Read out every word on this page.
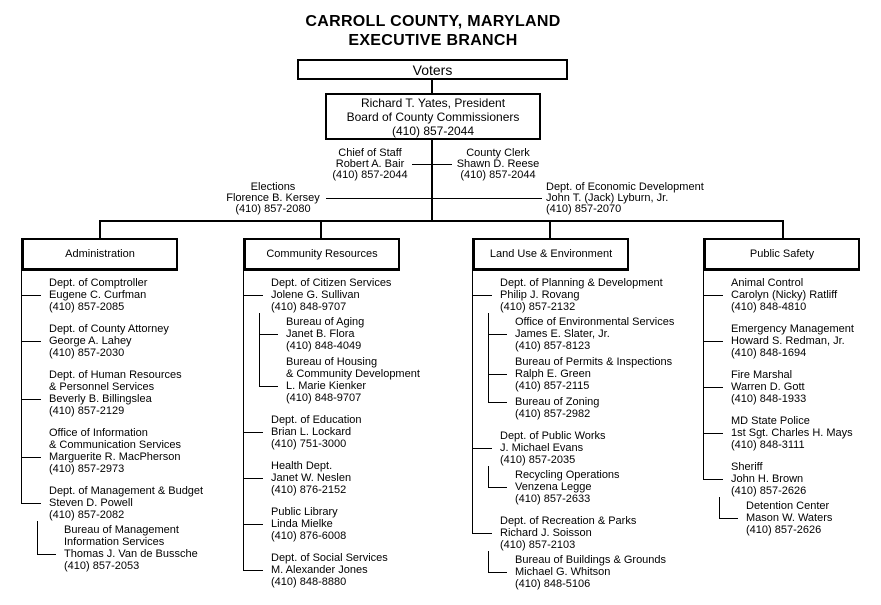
CARROLL COUNTY, MARYLAND
EXECUTIVE BRANCH
Voters
Richard T. Yates, President
Board of County Commissioners
(410) 857-2044
Chief of Staff
Robert A. Bair
(410) 857-2044
County Clerk
Shawn D. Reese
(410) 857-2044
Elections
Florence B. Kersey
(410) 857-2080
Dept. of Economic Development
John T. (Jack) Lyburn, Jr.
(410) 857-2070
Administration
Dept. of Comptroller
Eugene C. Curfman
(410) 857-2085
Dept. of County Attorney
George A. Lahey
(410) 857-2030
Dept. of Human Resources
& Personnel Services
Beverly B. Billingslea
(410) 857-2129
Office of Information
& Communication Services
Marguerite R. MacPherson
(410) 857-2973
Dept. of Management & Budget
Steven D. Powell
(410) 857-2082
Bureau of Management
Information Services
Thomas J. Van de Bussche
(410) 857-2053
Community Resources
Dept. of Citizen Services
Jolene G. Sullivan
(410) 848-9707
Bureau of Aging
Janet B. Flora
(410) 848-4049
Bureau of Housing
& Community Development
L. Marie Kienker
(410) 848-9707
Dept. of Education
Brian L. Lockard
(410) 751-3000
Health Dept.
Janet W. Neslen
(410) 876-2152
Public Library
Linda Mielke
(410) 876-6008
Dept. of Social Services
M. Alexander Jones
(410) 848-8880
Land Use & Environment
Dept. of Planning & Development
Philip J. Rovang
(410) 857-2132
Office of Environmental Services
James E. Slater, Jr.
(410) 857-8123
Bureau of Permits & Inspections
Ralph E. Green
(410) 857-2115
Bureau of Zoning
(410) 857-2982
Dept. of Public Works
J. Michael Evans
(410) 857-2035
Recycling Operations
Venzena Legge
(410) 857-2633
Dept. of Recreation & Parks
Richard J. Soisson
(410) 857-2103
Bureau of Buildings & Grounds
Michael G. Whitson
(410) 848-5106
Public Safety
Animal Control
Carolyn (Nicky) Ratliff
(410) 848-4810
Emergency Management
Howard S. Redman, Jr.
(410) 848-1694
Fire Marshal
Warren D. Gott
(410) 848-1933
MD State Police
1st Sgt. Charles H. Mays
(410) 848-3111
Sheriff
John H. Brown
(410) 857-2626
Detention Center
Mason W. Waters
(410) 857-2626
